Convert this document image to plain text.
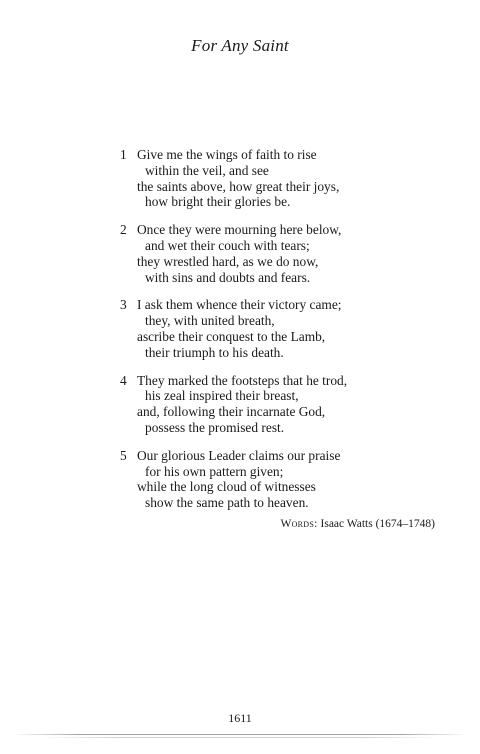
For Any Saint
1 Give me the wings of faith to rise
within the veil, and see
the saints above, how great their joys,
how bright their glories be.
2 Once they were mourning here below,
and wet their couch with tears;
they wrestled hard, as we do now,
with sins and doubts and fears.
3 I ask them whence their victory came;
they, with united breath,
ascribe their conquest to the Lamb,
their triumph to his death.
4 They marked the footsteps that he trod,
his zeal inspired their breast,
and, following their incarnate God,
possess the promised rest.
5 Our glorious Leader claims our praise
for his own pattern given;
while the long cloud of witnesses
show the same path to heaven.
Words: Isaac Watts (1674–1748)
1611
